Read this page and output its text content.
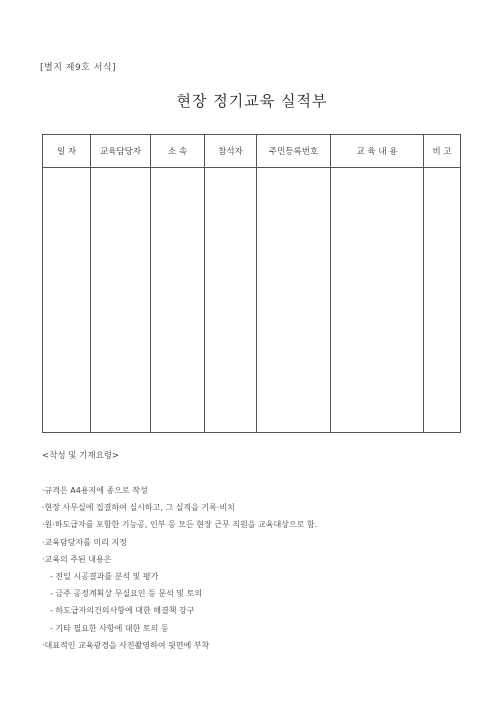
[별지 제9호 서식]
현장 정기교육 실적부
일 자	교육담당자	소 속	참석자	주민등록번호	교 육 내 용	비 고

<작성 및 기재요령>
·규격은 A4용지에 종으로 작성
·현장 사무실에 집결하여 실시하고, 그 실적을 기록·비치
·원·하도급자를 포함한 기능공, 인부 등 모든 현장 근무 직원을 교육대상으로 함.
·교육담당자를 미리 지정
·교육의 주된 내용은
- 전일 시공결과를 분석 및 평가
- 금주 공정계획상 무실요인 등 문석 및 토의
- 하도급자의건의사항에 대한 해결책 강구
- 기타 필요한 사항에 대한 토의 등
·대표적인 교육광경을 사진촬영하여 뒷면에 부착
